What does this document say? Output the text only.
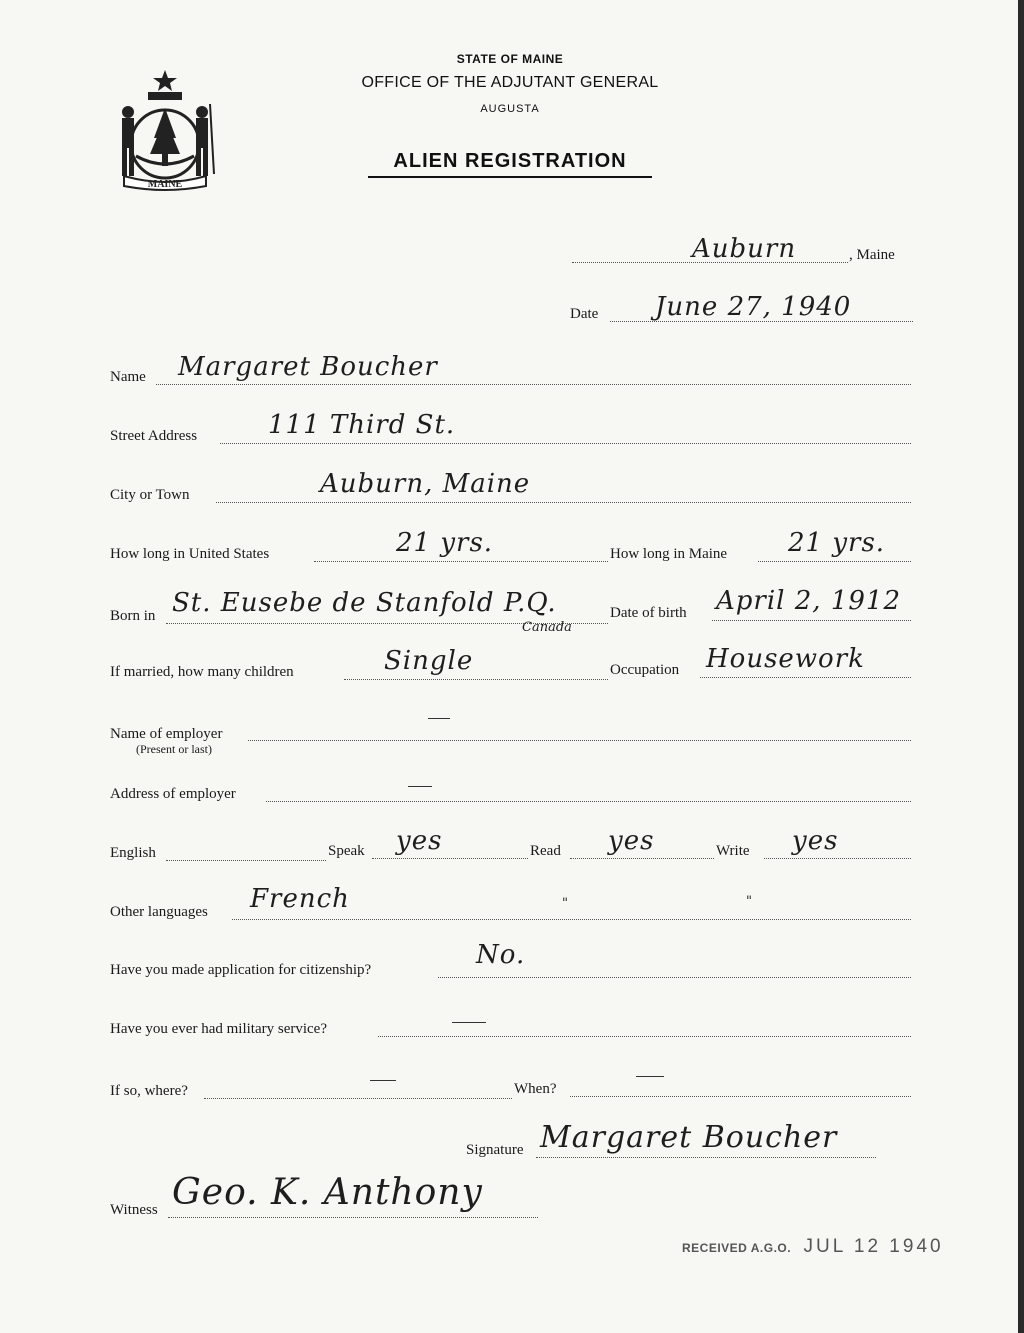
MAINE
STATE OF MAINE
OFFICE OF THE ADJUTANT GENERAL
AUGUSTA
ALIEN REGISTRATION
Auburn	, Maine
Date June 27, 1940
Name Margaret Boucher
Street Address	111 Third St.
City or Town	Auburn, Maine
How long in United States	21 yrs.	How long in Maine 21 yrs.
Born in St. Eusebe de Stanfold P.Q.
Canada
Date of birth April 2, 1912
If married, how many children	Single	Occupation Housework
Name of employer
(Present or last)
Address of employer
English	Speak yes	Read yes	Write yes
Other languages French	"	"
Have you made application for citizenship?	No.
Have you ever had military service?
If so, where?	When?
Signature Margaret Boucher
Witness Geo. K. Anthony
RECEIVED A.G.O. JUL 12 1940
